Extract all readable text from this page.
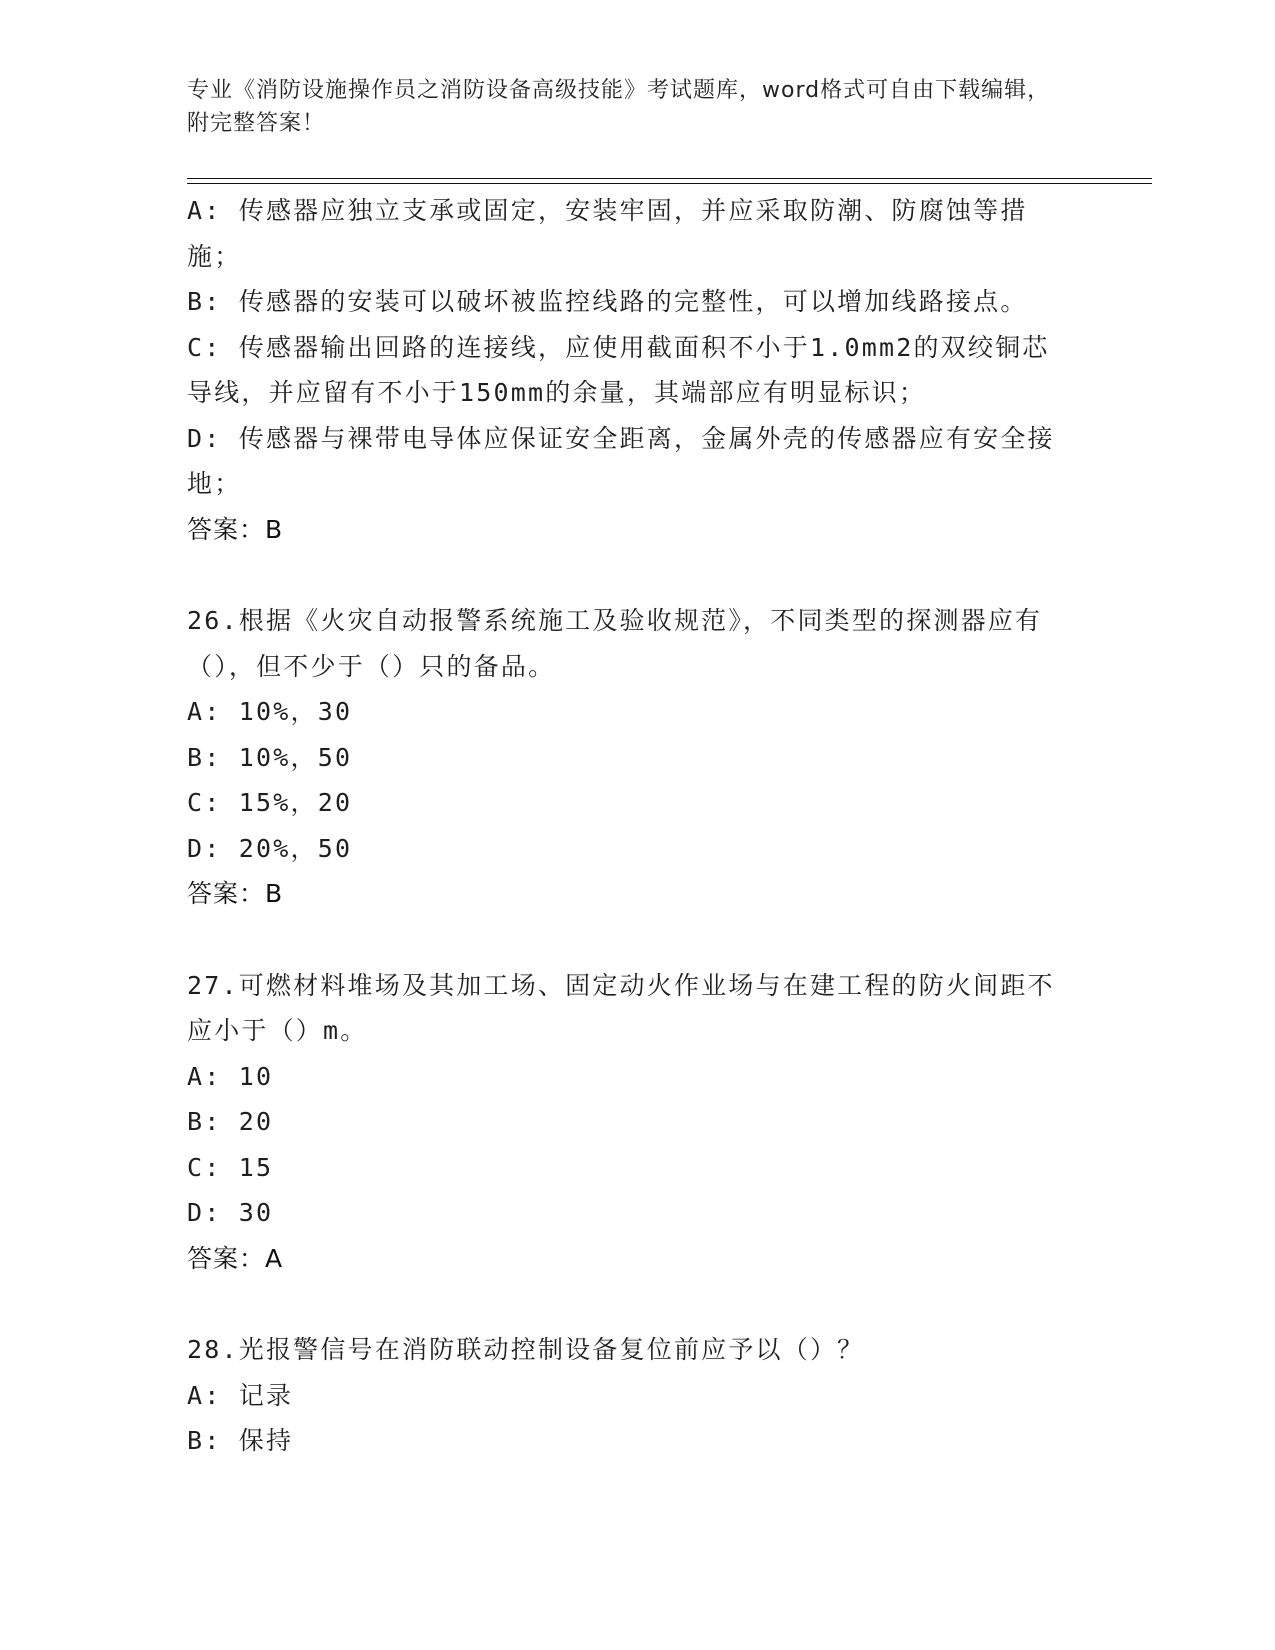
专业《消防设施操作员之消防设备高级技能》考试题库，word格式可自由下载编辑，附完整答案！

A: 传感器应独立支承或固定，安装牢固，并应采取防潮、防腐蚀等措施；

B: 传感器的安装可以破坏被监控线路的完整性，可以增加线路接点。

C: 传感器输出回路的连接线，应使用截面积不小于1.0mm2的双绞铜芯导线，并应留有不小于150mm的余量，其端部应有明显标识；

D: 传感器与裸带电导体应保证安全距离，金属外壳的传感器应有安全接地；

答案：B

26.根据《火灾自动报警系统施工及验收规范》，不同类型的探测器应有（），但不少于（）只的备品。

A: 10%，30

B: 10%，50

C: 15%，20

D: 20%，50

答案：B

27.可燃材料堆场及其加工场、固定动火作业场与在建工程的防火间距不应小于（）m。

A: 10

B: 20

C: 15

D: 30

答案：A

28.光报警信号在消防联动控制设备复位前应予以（）？

A: 记录

B: 保持
